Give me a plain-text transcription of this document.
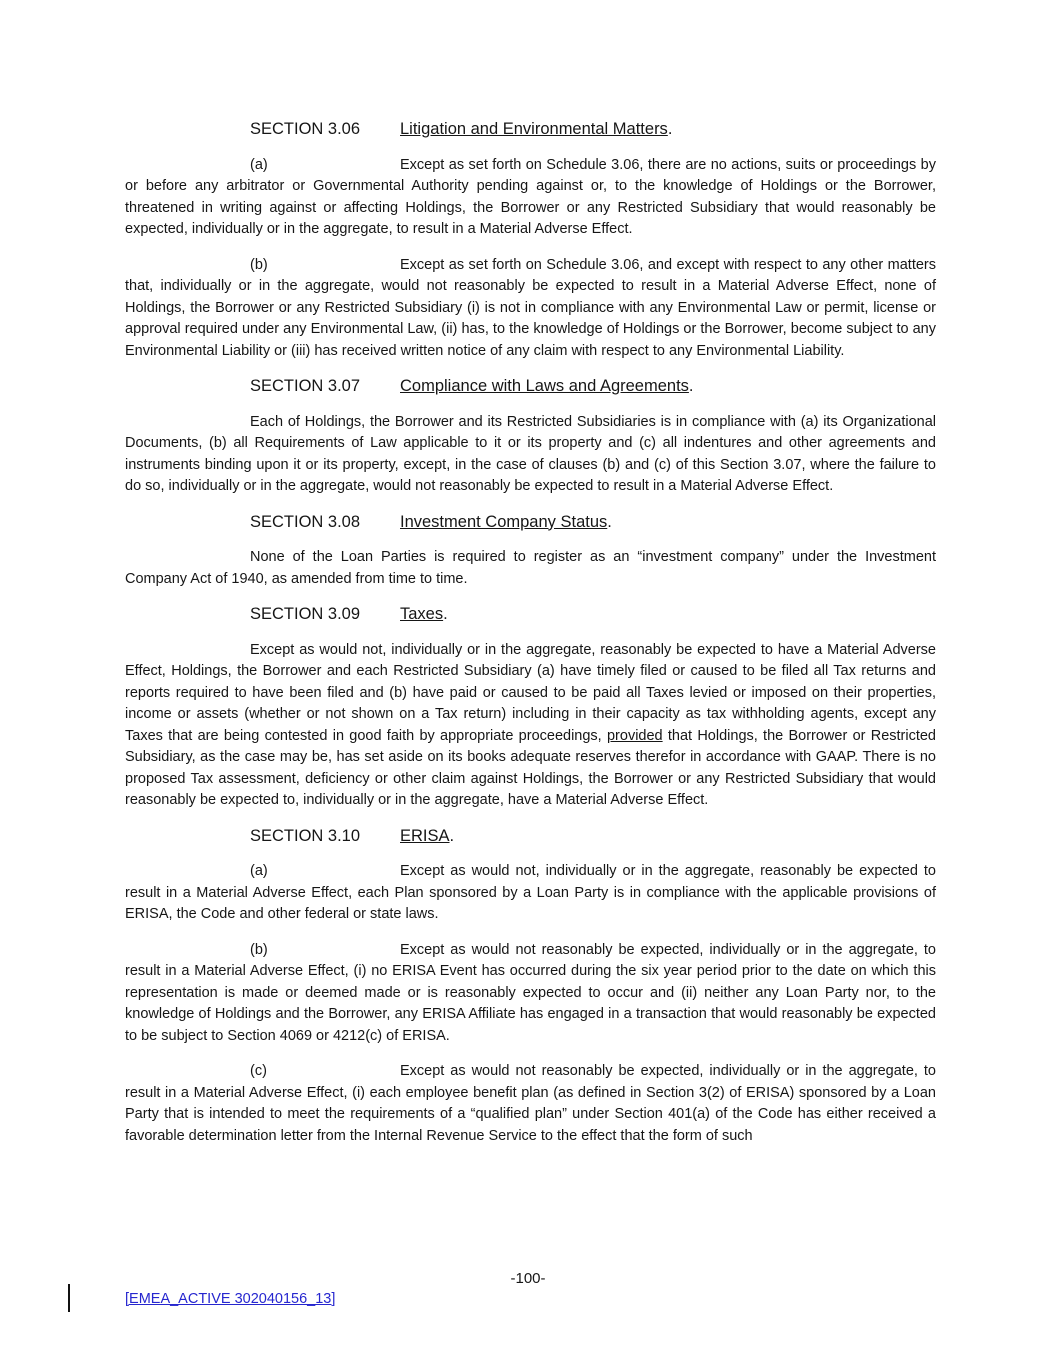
SECTION 3.06 Litigation and Environmental Matters.

(a)	Except as set forth on Schedule 3.06, there are no actions, suits or proceedings by or before any arbitrator or Governmental Authority pending against or, to the knowledge of Holdings or the Borrower, threatened in writing against or affecting Holdings, the Borrower or any Restricted Subsidiary that would reasonably be expected, individually or in the aggregate, to result in a Material Adverse Effect.

(b)	Except as set forth on Schedule 3.06, and except with respect to any other matters that, individually or in the aggregate, would not reasonably be expected to result in a Material Adverse Effect, none of Holdings, the Borrower or any Restricted Subsidiary (i) is not in compliance with any Environmental Law or permit, license or approval required under any Environmental Law, (ii) has, to the knowledge of Holdings or the Borrower, become subject to any Environmental Liability or (iii) has received written notice of any claim with respect to any Environmental Liability.

SECTION 3.07 Compliance with Laws and Agreements.

Each of Holdings, the Borrower and its Restricted Subsidiaries is in compliance with (a) its Organizational Documents, (b) all Requirements of Law applicable to it or its property and (c) all indentures and other agreements and instruments binding upon it or its property, except, in the case of clauses (b) and (c) of this Section 3.07, where the failure to do so, individually or in the aggregate, would not reasonably be expected to result in a Material Adverse Effect.

SECTION 3.08 Investment Company Status.

None of the Loan Parties is required to register as an “investment company” under the Investment Company Act of 1940, as amended from time to time.

SECTION 3.09 Taxes.

Except as would not, individually or in the aggregate, reasonably be expected to have a Material Adverse Effect, Holdings, the Borrower and each Restricted Subsidiary (a) have timely filed or caused to be filed all Tax returns and reports required to have been filed and (b) have paid or caused to be paid all Taxes levied or imposed on their properties, income or assets (whether or not shown on a Tax return) including in their capacity as tax withholding agents, except any Taxes that are being contested in good faith by appropriate proceedings, provided that Holdings, the Borrower or Restricted Subsidiary, as the case may be, has set aside on its books adequate reserves therefor in accordance with GAAP. There is no proposed Tax assessment, deficiency or other claim against Holdings, the Borrower or any Restricted Subsidiary that would reasonably be expected to, individually or in the aggregate, have a Material Adverse Effect.

SECTION 3.10 ERISA.

(a)	Except as would not, individually or in the aggregate, reasonably be expected to result in a Material Adverse Effect, each Plan sponsored by a Loan Party is in compliance with the applicable provisions of ERISA, the Code and other federal or state laws.

(b)	Except as would not reasonably be expected, individually or in the aggregate, to result in a Material Adverse Effect, (i) no ERISA Event has occurred during the six year period prior to the date on which this representation is made or deemed made or is reasonably expected to occur and (ii) neither any Loan Party nor, to the knowledge of Holdings and the Borrower, any ERISA Affiliate has engaged in a transaction that would reasonably be expected to be subject to Section 4069 or 4212(c) of ERISA.

(c)	Except as would not reasonably be expected, individually or in the aggregate, to result in a Material Adverse Effect, (i) each employee benefit plan (as defined in Section 3(2) of ERISA) sponsored by a Loan Party that is intended to meet the requirements of a “qualified plan” under Section 401(a) of the Code has either received a favorable determination letter from the Internal Revenue Service to the effect that the form of such

-100-
[EMEA_ACTIVE 302040156_13]
